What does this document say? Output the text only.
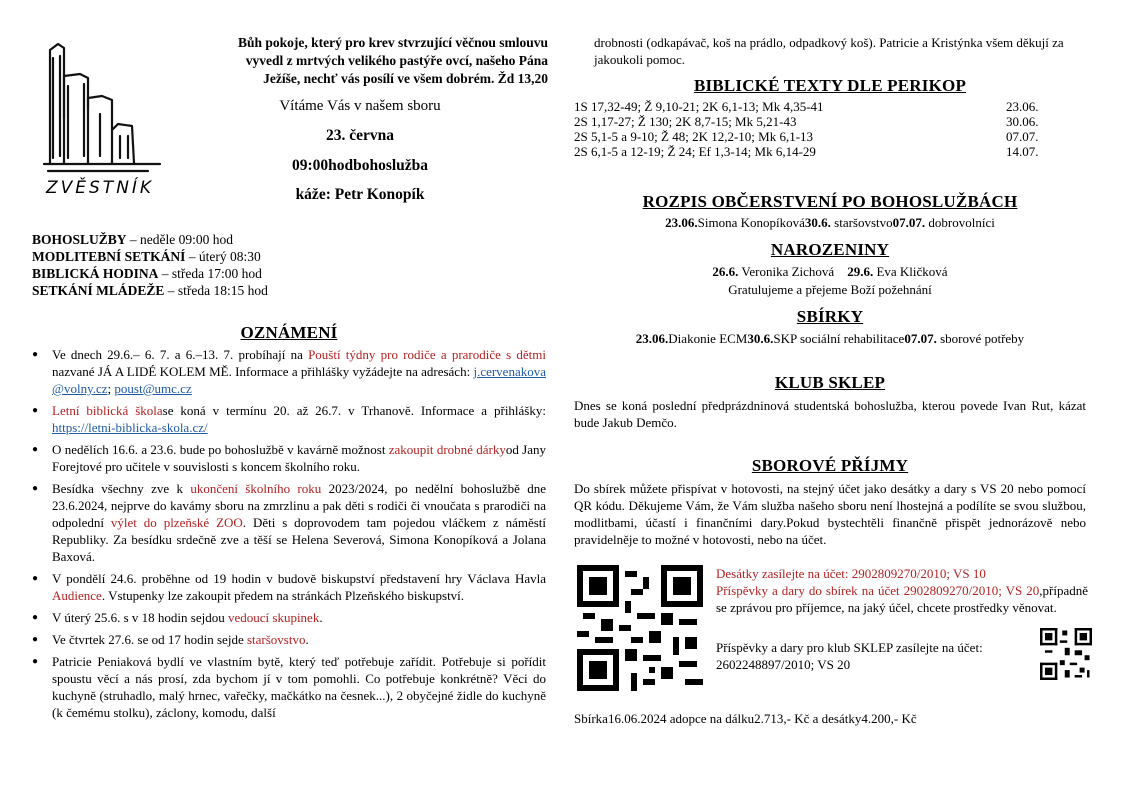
ZVĚSTNÍK
Bůh pokoje, který pro krev stvrzující věčnou smlouvu
vyvedl z mrtvých velikého pastýře ovcí, našeho Pána
Ježíše, nechť vás posílí ve všem dobrém. Žd 13,20
Vítáme Vás v našem sboru
23. června
09:00hodbohoslužba
káže: Petr Konopík
BOHOSLUŽBY – neděle 09:00 hod
MODLITEBNÍ SETKÁNÍ – úterý 08:30
BIBLICKÁ HODINA – středa 17:00 hod
SETKÁNÍ MLÁDEŽE – středa 18:15 hod
OZNÁMENÍ
● Ve dnech 29.6.– 6. 7. a 6.–13. 7. probíhají na Pouští týdny pro rodiče a prarodiče s dětmi nazvané JÁ A LIDÉ KOLEM MĚ. Informace a přihlášky vyžádejte na adresách: j.cervenakova @volny.cz; poust@umc.cz
● Letní biblická školase koná v termínu 20. až 26.7. v Trhanově. Informace a přihlášky: https://letni-biblicka-skola.cz/
● O nedělích 16.6. a 23.6. bude po bohoslužbě v kavárně možnost zakoupit drobné dárkyod Jany Forejtové pro učitele v souvislosti s koncem školního roku.
● Besídka všechny zve k ukončení školního roku 2023/2024, po nedělní bohoslužbě dne 23.6.2024, nejprve do kavámy sboru na zmrzlinu a pak děti s rodiči či vnoučata s prarodiči na odpolední výlet do plzeňské ZOO. Děti s doprovodem tam pojedou vláčkem z náměstí Republiky. Za besídku srdečně zve a těší se Helena Severová, Simona Konopíková a Jolana Baxová.
● V pondělí 24.6. proběhne od 19 hodin v budově biskupství představení hry Václava Havla Audience. Vstupenky lze zakoupit předem na stránkách Plzeňského biskupství.
● V úterý 25.6. s v 18 hodin sejdou vedoucí skupinek.
● Ve čtvrtek 27.6. se od 17 hodin sejde staršovstvo.
● Patricie Peniaková bydlí ve vlastním bytě, který teď potřebuje zařídit. Potřebuje si pořídit spoustu věcí a nás prosí, zda bychom jí v tom pomohli. Co potřebuje konkrétně? Věci do kuchyně (struhadlo, malý hrnec, vařečky, mačkátko na česnek...), 2 obyčejné židle do kuchyně (k čemému stolku), záclony, komodu, další
drobnosti (odkapávač, koš na prádlo, odpadkový koš). Patricie a Kristýnka všem děkují za jakoukoli pomoc.
BIBLICKÉ TEXTY DLE PERIKOP
1S 17,32-49; Ž 9,10-21; 2K 6,1-13; Mk 4,35-41	23.06.
2S 1,17-27; Ž 130; 2K 8,7-15; Mk 5,21-43	30.06.
2S 5,1-5 a 9-10; Ž 48; 2K 12,2-10; Mk 6,1-13	07.07.
2S 6,1-5 a 12-19; Ž 24; Ef 1,3-14; Mk 6,14-29	14.07.
ROZPIS OBČERSTVENÍ PO BOHOSLUŽBÁCH
23.06.Simona Konopíková30.6. staršovstvo07.07. dobrovolníci
NAROZENINY
26.6. Veronika Zichová 29.6. Eva Kličková
Gratulujeme a přejeme Boží požehnání
SBÍRKY
23.06.Diakonie ECM30.6.SKP sociální rehabilitace07.07. sborové potřeby
KLUB SKLEP
Dnes se koná poslední předprázdninová studentská bohoslužba, kterou povede Ivan Rut, kázat bude Jakub Demčo.
SBOROVÉ PŘÍJMY
Do sbírek můžete přispívat v hotovosti, na stejný účet jako desátky a dary s VS 20 nebo pomocí QR kódu. Děkujeme Vám, že Vám služba našeho sboru není lhostejná a podílíte se svou službou, modlitbami, účastí i finančními dary.Pokud bystechtěli finančně přispět jednorázově nebo pravidelněje to možné v hotovosti, nebo na účet.
Desátky zasílejte na účet: 2902809270/2010; VS 10
Příspěvky a dary do sbírek na účet 2902809270/2010; VS 20,případně se zprávou pro příjemce, na jaký účel, chcete prostředky věnovat.
Příspěvky a dary pro klub SKLEP zasílejte na účet: 2602248897/2010; VS 20
Sbírka16.06.2024 adopce na dálku2.713,- Kč a desátky4.200,- Kč
